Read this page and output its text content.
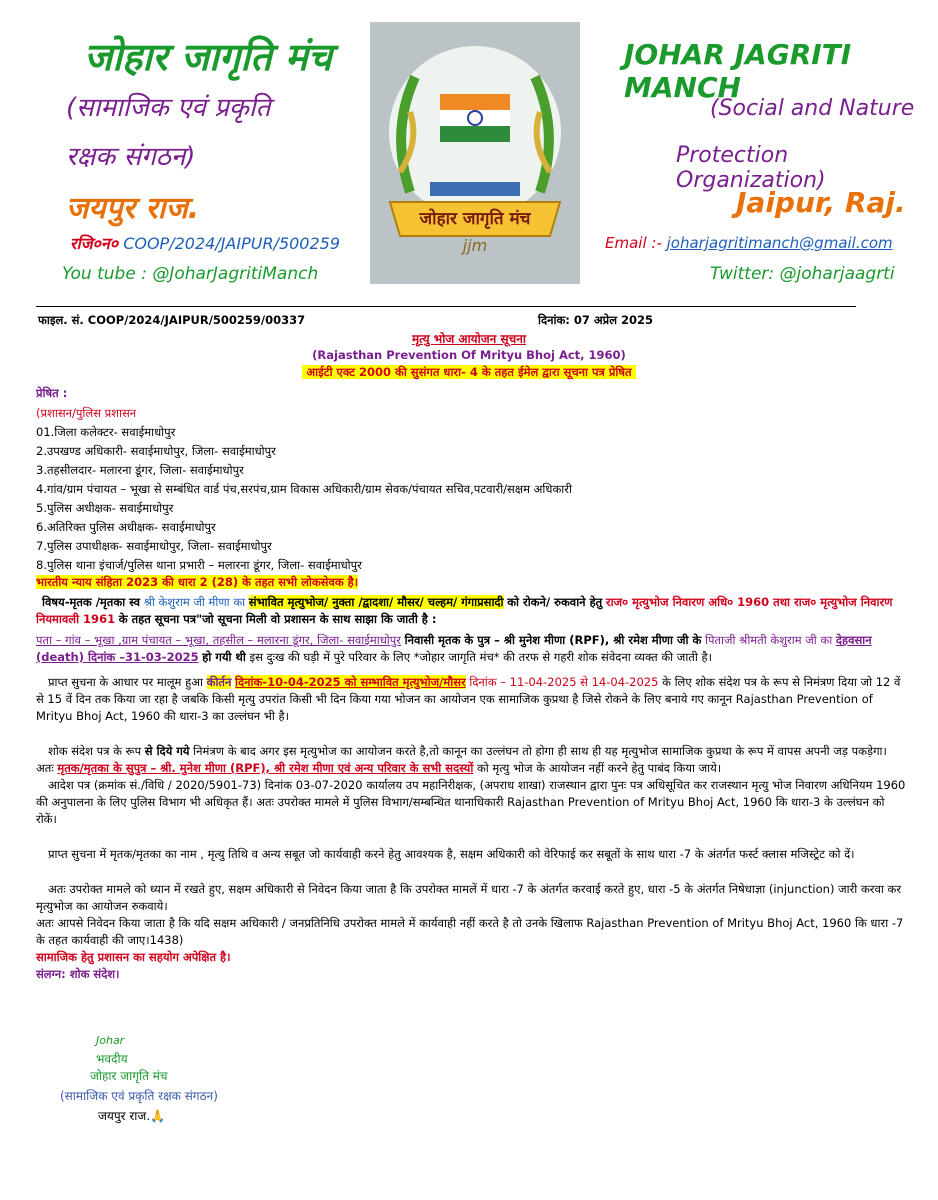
जोहार जागृति मंच
(सामाजिक एवं प्रकृति
रक्षक संगठन)
जयपुर राज.
रजि०न० COOP/2024/JAIPUR/500259
You tube : @JoharJagritiManch
JOHAR JAGRITI MANCH
(Social and Nature
Protection Organization)
Jaipur, Raj.
Email :- joharjagritimanch@gmail.com
Twitter: @joharjaagrti
जोहार जागृति मंच
jjm
फाइल. सं. COOP/2024/JAIPUR/500259/00337	दिनांक: 07 अप्रेल 2025
मृत्यु भोज आयोजन सूचना
(Rajasthan Prevention Of Mrityu Bhoj Act, 1960)
आईटी एक्ट 2000 की सुसंगत धारा- 4 के तहत ईमेल द्वारा सूचना पत्र प्रेषित

प्रेषित :

(प्रशासन/पुलिस प्रशासन

01.जिला कलेक्टर- सवाईमाधोपुर

2.उपखण्ड अधिकारी- सवाईमाधोपुर, जिला- सवाईमाधोपुर

3.तहसीलदार- मलारना डूंगर, जिला- सवाईमाधोपुर

4.गांव/ग्राम पंचायत – भूखा से सम्बंधित वार्ड पंच,सरपंच,ग्राम विकास अधिकारी/ग्राम सेवक/पंचायत सचिव,पटवारी/सक्षम अधिकारी

5.पुलिस अधीक्षक- सवाईमाधोपुर

6.अतिरिक्त पुलिस अधीक्षक- सवाईमाधोपुर

7.पुलिस उपाधीक्षक- सवाईमाधोपुर, जिला- सवाईमाधोपुर

8.पुलिस थाना इंचार्ज/पुलिस थाना प्रभारी – मलारना डूंगर, जिला- सवाईमाधोपुर

भारतीय न्याय संहिता 2023 की धारा 2 (28) के तहत सभी लोकसेवक है।

विषय-मृतक /मृतका स्व श्री केशुराम जी मीणा का संभावित मृत्युभोज/ नुक्ता /द्वादशा/ मौसर/ चल्हम/ गंगाप्रसादी को रोकने/ रुकवाने हेतु राज० मृत्युभोज निवारण अधि० 1960 तथा राज० मृत्युभोज निवारण नियमावली 1961 के तहत सूचना पत्र"जो सूचना मिली वो प्रशासन के साथ साझा कि जाती है :

पता – गांव – भूखा ,ग्राम पंचायत – भूखा, तहसील – मलारना डूंगर, जिला- सवाईमाधोपुर निवासी मृतक के पुत्र – श्री मुनेश मीणा (RPF), श्री रमेश मीणा जी के पिताजी श्रीमती केशुराम जी का देहवसान (death) दिनांक –31-03-2025 हो गयी थी इस दुःख की घड़ी में पुरे परिवार के लिए *जोहार जागृति मंच* की तरफ से गहरी शोक संवेदना व्यक्त की जाती है।

प्राप्त सुचना के आधार पर मालूम हुआ कीर्तन दिनांक-10-04-2025 को सम्भावित मृत्युभोज/मौसर दिनांक – 11-04-2025 से 14-04-2025 के लिए शोक संदेश पत्र के रूप से निमंत्रण दिया जो 12 वें से 15 वें दिन तक किया जा रहा है जबकि किसी मृत्यु उपरांत किसी भी दिन किया गया भोजन का आयोजन एक सामाजिक कुप्रथा है जिसे रोकने के लिए बनाये गए कानून Rajasthan Prevention of Mrityu Bhoj Act, 1960 की धारा-3 का उल्लंघन भी है।

शोक संदेश पत्र के रूप से दिये गये निमंत्रण के बाद अगर इस मृत्युभोज का आयोजन करते है,तो कानून का उल्लंघन तो होगा ही साथ ही यह मृत्युभोज सामाजिक कुप्रथा के रूप में वापस अपनी जड़ पकड़ेगा। अतः मृतक/मृतका के सुपुत्र – श्री. मुनेश मीणा (RPF), श्री रमेश मीणा एवं अन्य परिवार के सभी सदस्यों को मृत्यु भोज के आयोजन नहीं करने हेतु पाबंद किया जाये।

आदेश पत्र (क्रमांक सं./विधि / 2020/5901-73) दिनांक 03-07-2020 कार्यालय उप महानिरीक्षक, (अपराध शाखा) राजस्थान द्वारा पुनः पत्र अधिसूचित कर राजस्थान मृत्यु भोज निवारण अधिनियम 1960 की अनुपालना के लिए पुलिस विभाग भी अधिकृत हैं। अतः उपरोक्त मामले में पुलिस विभाग/सम्बन्धित थानाधिकारी Rajasthan Prevention of Mrityu Bhoj Act, 1960 कि धारा-3 के उल्लंघन को रोकें।

प्राप्त सुचना में मृतक/मृतका का नाम , मृत्यु तिथि व अन्य सबूत जो कार्यवाही करने हेतु आवश्यक है, सक्षम अधिकारी को वेरिफाई कर सबूतों के साथ धारा -7 के अंतर्गत फर्स्ट क्लास मजिस्ट्रेट को दें।

अतः उपरोक्त मामले को ध्यान में रखते हुए, सक्षम अधिकारी से निवेदन किया जाता है कि उपरोक्त मामलें में धारा -7 के अंतर्गत करवाई करते हुए, धारा -5 के अंतर्गत निषेधाज्ञा (injunction) जारी करवा कर मृत्युभोज का आयोजन रुकवाये।

अतः आपसे निवेदन किया जाता है कि यदि सक्षम अधिकारी / जनप्रतिनिधि उपरोक्त मामले में कार्यवाही नहीं करते है तो उनके खिलाफ Rajasthan Prevention of Mrityu Bhoj Act, 1960 कि धारा -7 के तहत कार्यवाही की जाए।1438)

सामाजिक हेतु प्रशासन का सहयोग अपेक्षित है।

संलग्न: शोक संदेश।

Johar
भवदीय
जोहार जागृति मंच
(सामाजिक एवं प्रकृति रक्षक संगठन)
जयपुर राज.🙏
